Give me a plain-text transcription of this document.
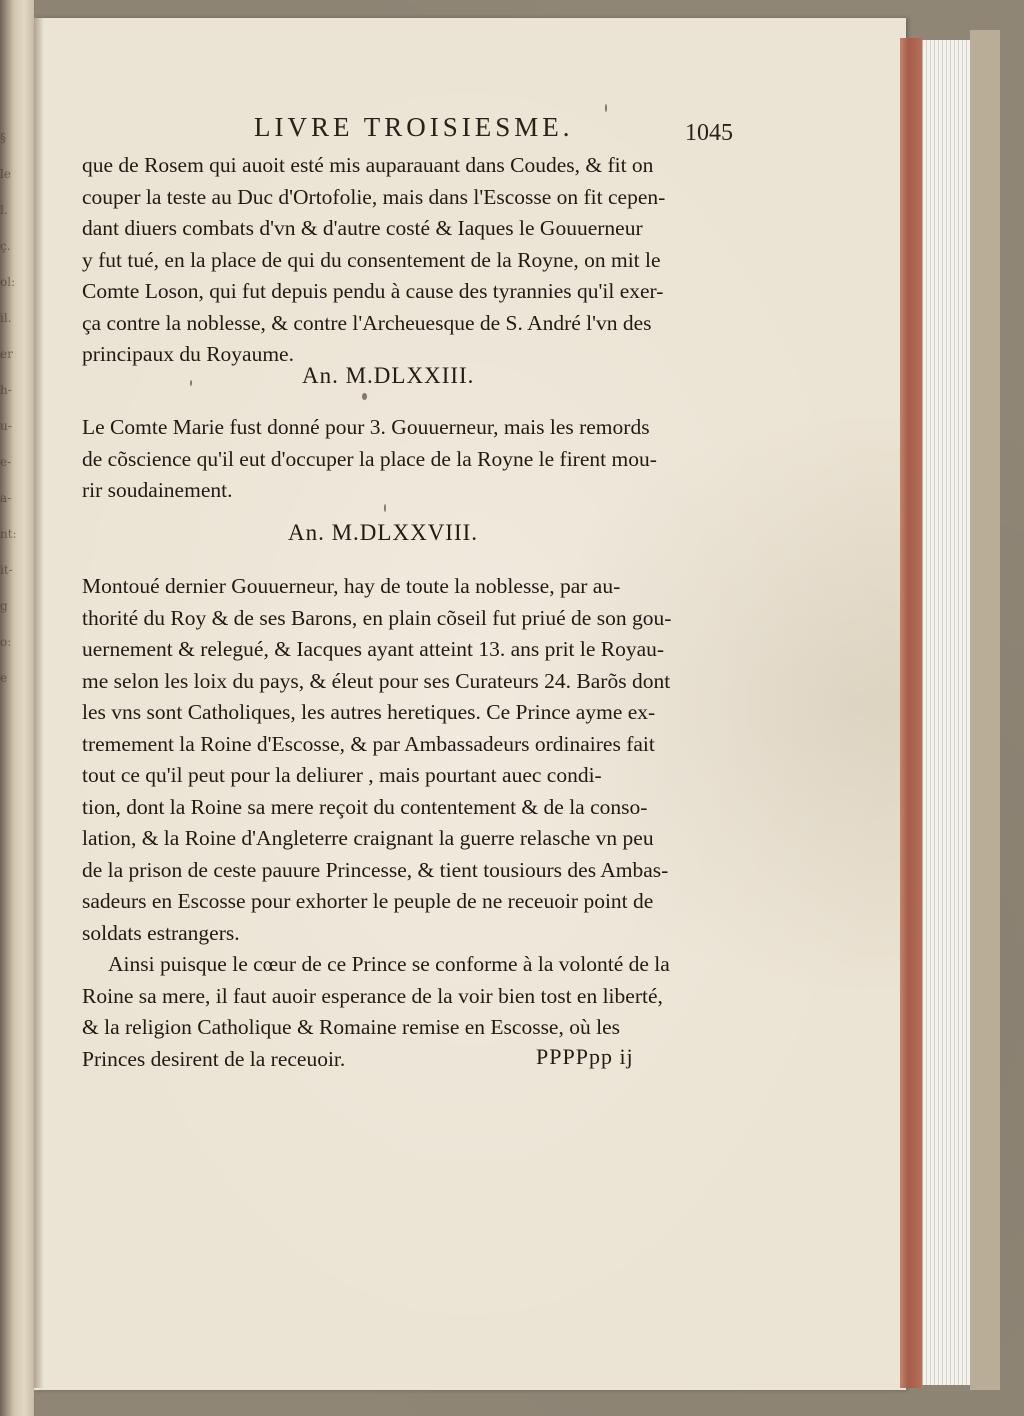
§
le
l.
ç.
ol:
il.
er
h-
u-
e-
a-
nt:
it-
g
o:
e
LIVRE TROISIESME.	1045
que de Rosem qui auoit esté mis auparauant dans Coudes, & fit on
couper la teste au Duc d'Ortofolie, mais dans l'Escosse on fit cepen-
dant diuers combats d'vn & d'autre costé & Iaques le Gouuerneur
y fut tué, en la place de qui du consentement de la Royne, on mit le
Comte Loson, qui fut depuis pendu à cause des tyrannies qu'il exer-
ça contre la noblesse, & contre l'Archeuesque de S. André l'vn des
principaux du Royaume.
An. M.DLXXIII.
Le Comte Marie fust donné pour 3. Gouuerneur, mais les remords
de cõscience qu'il eut d'occuper la place de la Royne le firent mou-
rir soudainement.
An. M.DLXXVIII.
Montoué dernier Gouuerneur, hay de toute la noblesse, par au-
thorité du Roy & de ses Barons, en plain cõseil fut priué de son gou-
uernement & relegué, & Iacques ayant atteint 13. ans prit le Royau-
me selon les loix du pays, & éleut pour ses Curateurs 24. Barõs dont
les vns sont Catholiques, les autres heretiques. Ce Prince ayme ex-
tremement la Roine d'Escosse, & par Ambassadeurs ordinaires fait
tout ce qu'il peut pour la deliurer , mais pourtant auec condi-
tion, dont la Roine sa mere reçoit du contentement & de la conso-
lation, & la Roine d'Angleterre craignant la guerre relasche vn peu
de la prison de ceste pauure Princesse, & tient tousiours des Ambas-
sadeurs en Escosse pour exhorter le peuple de ne receuoir point de
soldats estrangers.
Ainsi puisque le cœur de ce Prince se conforme à la volonté de la
Roine sa mere, il faut auoir esperance de la voir bien tost en liberté,
& la religion Catholique & Romaine remise en Escosse, où les
Princes desirent de la receuoir.	PPPPpp ij
